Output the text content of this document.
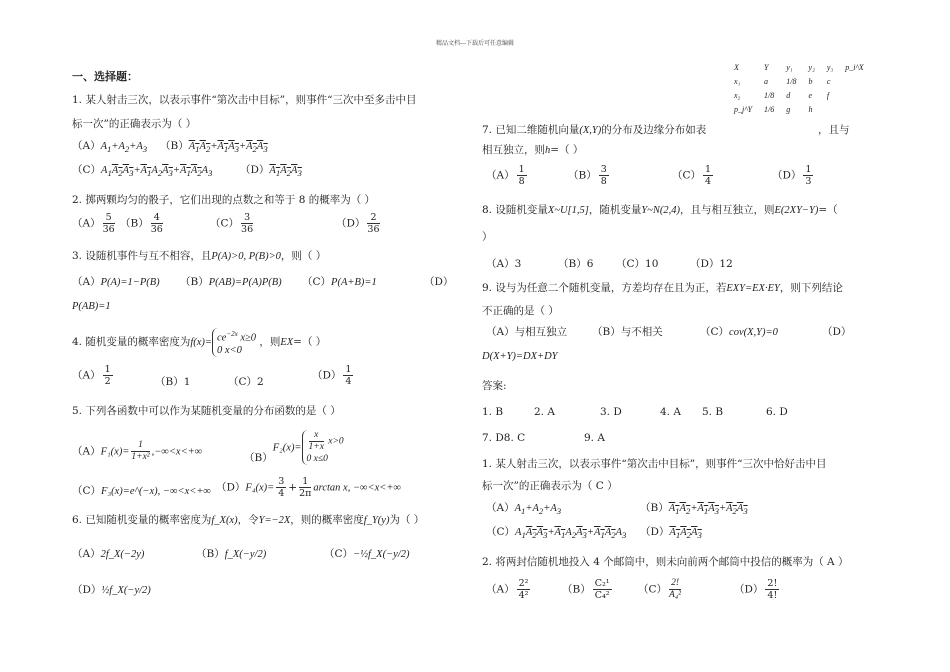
精品文档---下载后可任意编辑
一、选择题：
1. 某人射击三次，以表示事件“第次击中目标”，则事件“三次中至多击中目
标一次”的正确表示为（ ）
$(A)A_1+A_2+A_3$ $(B)A_1A_2+A_1A_3+A_2A_3$
$(C)A_1A_2A_3+A_1A_2A_3+A_1A_2A_3$	$(D)A_1A_2A_3$
2. 掷两颗均匀的骰子，它们出现的点数之和等于 8 的概率为（ ）
$(A) \frac{5}{36} (B) \frac{4}{36}$	$(C) \frac{3}{36}$	$(D) \frac{2}{36}$
3. 设随机事件与互不相容，且P(A)>0, P(B)>0，则（ ）
（A）P(A)=1−P(B) （B）P(AB)=P(A)P(B) （C）P(A+B)=1	（D）
P(AB)=1
4. 随机变量的概率密度为$f(x)= ce^{-2x}$ x≥0
0 x<0 ，则EX=（ ）
$(A) \frac{1}{2}$	（B）1	（C）2
$(D) \frac{1}{4}$
5. 下列各函数中可以作为某随机变量的分布函数的是（ ）
$(A)F_1(x)= \frac{1}{\text{1+x²}} ,-\infty<x<+\infty$	$(B)F_2(x)= \frac{x}{1+x} x>0$
0 x≤0
（C）F₃(x)=e^(−x), −∞<x<+∞ $(D)F_4(x)= \frac{3}{4} + \frac{1}{2\pi}$ arctan x, −∞<x<+∞
6. 已知随机变量的概率密度为f_X(x)，令Y=−2X，则的概率密度f_Y(y)为（ ）
（A）2f_X(−2y)	（B）f_X(−y/2)	（C）−½f_X(−y/2)
（D）½f_X(−y/2)
X	Y	y₁	y₂	y₃	p_i^X
x₁	a	1/8	b	c	
x₂	1/8	d	e	f	
p_j^Y	1/6	g	h		
7. 已知二维随机向量(X,Y)的分布及边缘分布如表	，且与
相互独立，则h=（ ）
$(A) \frac{1}{8}$	$(B) \frac{3}{8}$	$(C) \frac{1}{4}$	$(D) \frac{1}{3}$
8. 设随机变量X~U[1,5]，随机变量Y~N(2,4)，且与相互独立，则E(2XY−Y)=（
）
（A）3	（B）6 （C）10	（D）12
9. 设与为任意二个随机变量，方差均存在且为正，若EXY=EX·EY，则下列结论
不正确的是（ ）
（A）与相互独立 （B）与不相关	（C）cov(X,Y)=0	（D）
D(X+Y)=DX+DY
答案:
1. B	2. A	3. D	4. A 5. B	6. D
7. D8. C	9. A
1. 某人射击三次，以表示事件“第次击中目标”，则事件“三次中恰好击中目
标一次”的正确表示为（ C ）
$(A)A_1+A_2+A_3$	$(B)A_1A_2+A_1A_3+A_2A_3$
$(C)A_1A_2A_3+A_1A_2A_3+A_1A_2A_3$ $(D)A_1A_2A_3$
2. 将两封信随机地投入 4 个邮筒中，则未向前两个邮筒中投信的概率为（ A ）
$(A) \frac{\text{2²}}{\text{4²}}$	$(B) \frac{\text{C₂¹}}{\text{C₄²}}$	$(C) \frac{2!}{\text{A₄²}}$	$(D) \frac{2!}{4!}$
